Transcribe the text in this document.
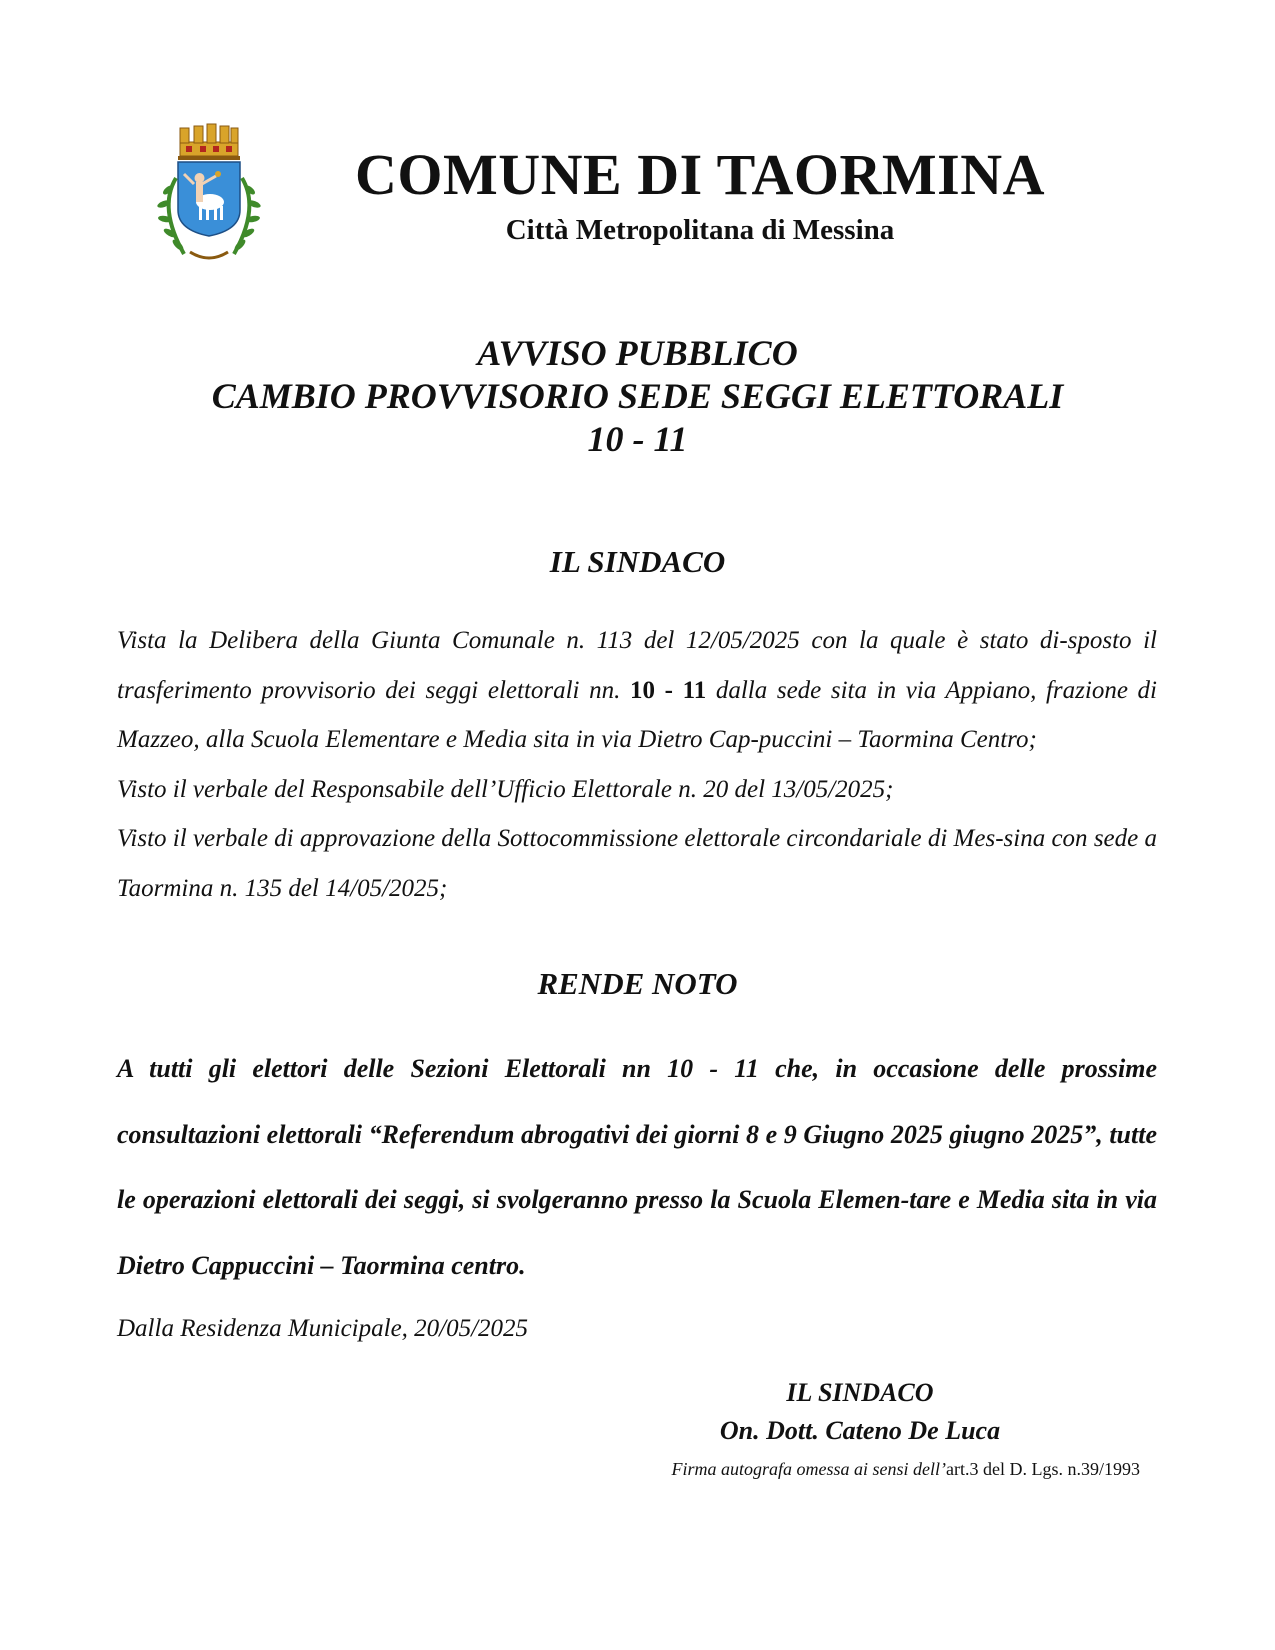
COMUNE DI TAORMINA
Città Metropolitana di Messina
AVVISO PUBBLICO
CAMBIO PROVVISORIO SEDE SEGGI ELETTORALI
10 - 11
IL SINDACO

Vista la Delibera della Giunta Comunale n. 113 del 12/05/2025 con la quale è stato di-sposto il trasferimento provvisorio dei seggi elettorali nn. 10 - 11 dalla sede sita in via Appiano, frazione di Mazzeo, alla Scuola Elementare e Media sita in via Dietro Cap-puccini – Taormina Centro;

Visto il verbale del Responsabile dell’Ufficio Elettorale n. 20 del 13/05/2025;

Visto il verbale di approvazione della Sottocommissione elettorale circondariale di Mes-sina con sede a Taormina n. 135 del 14/05/2025;

RENDE NOTO

A tutti gli elettori delle Sezioni Elettorali nn 10 - 11 che, in occasione delle prossime consultazioni elettorali “Referendum abrogativi dei giorni 8 e 9 Giugno 2025 giugno 2025”, tutte le operazioni elettorali dei seggi, si svolgeranno presso la Scuola Elemen-tare e Media sita in via Dietro Cappuccini – Taormina centro.

Dalla Residenza Municipale, 20/05/2025
IL SINDACO
On. Dott. Cateno De Luca
Firma autografa omessa ai sensi dell’art.3 del D. Lgs. n.39/1993
